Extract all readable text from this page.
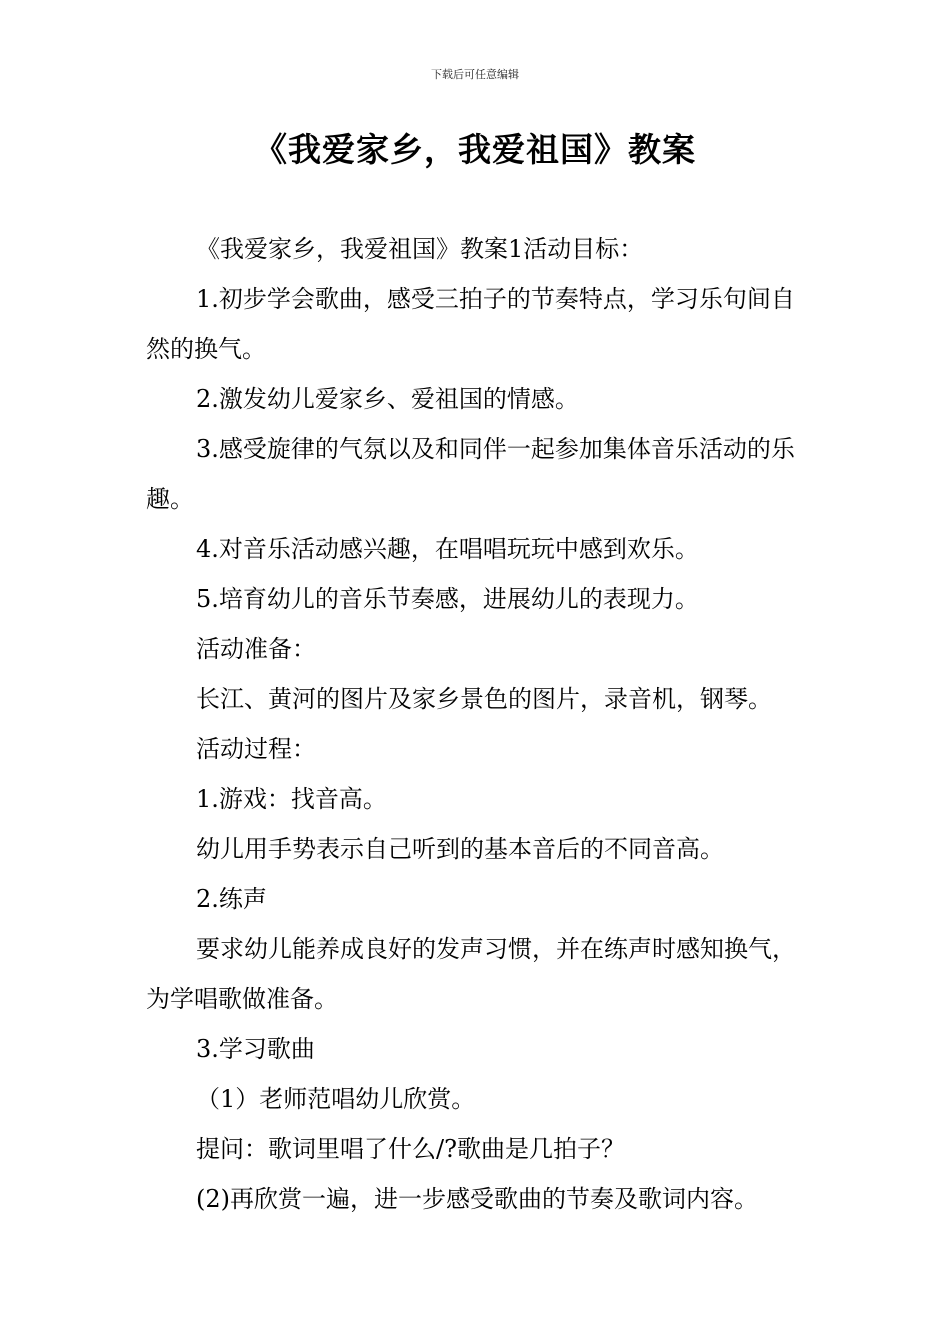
下载后可任意编辑
《我爱家乡，我爱祖国》教案

《我爱家乡，我爱祖国》教案1活动目标：

1.初步学会歌曲，感受三拍子的节奏特点，学习乐句间自然的换气。

2.激发幼儿爱家乡、爱祖国的情感。

3.感受旋律的气氛以及和同伴一起参加集体音乐活动的乐趣。

4.对音乐活动感兴趣，在唱唱玩玩中感到欢乐。

5.培育幼儿的音乐节奏感，进展幼儿的表现力。

活动准备：

长江、黄河的图片及家乡景色的图片，录音机，钢琴。

活动过程：

1.游戏：找音高。

幼儿用手势表示自己听到的基本音后的不同音高。

2.练声

要求幼儿能养成良好的发声习惯，并在练声时感知换气，为学唱歌做准备。

3.学习歌曲

（1）老师范唱幼儿欣赏。

提问：歌词里唱了什么/?歌曲是几拍子？

(2)再欣赏一遍，进一步感受歌曲的节奏及歌词内容。
